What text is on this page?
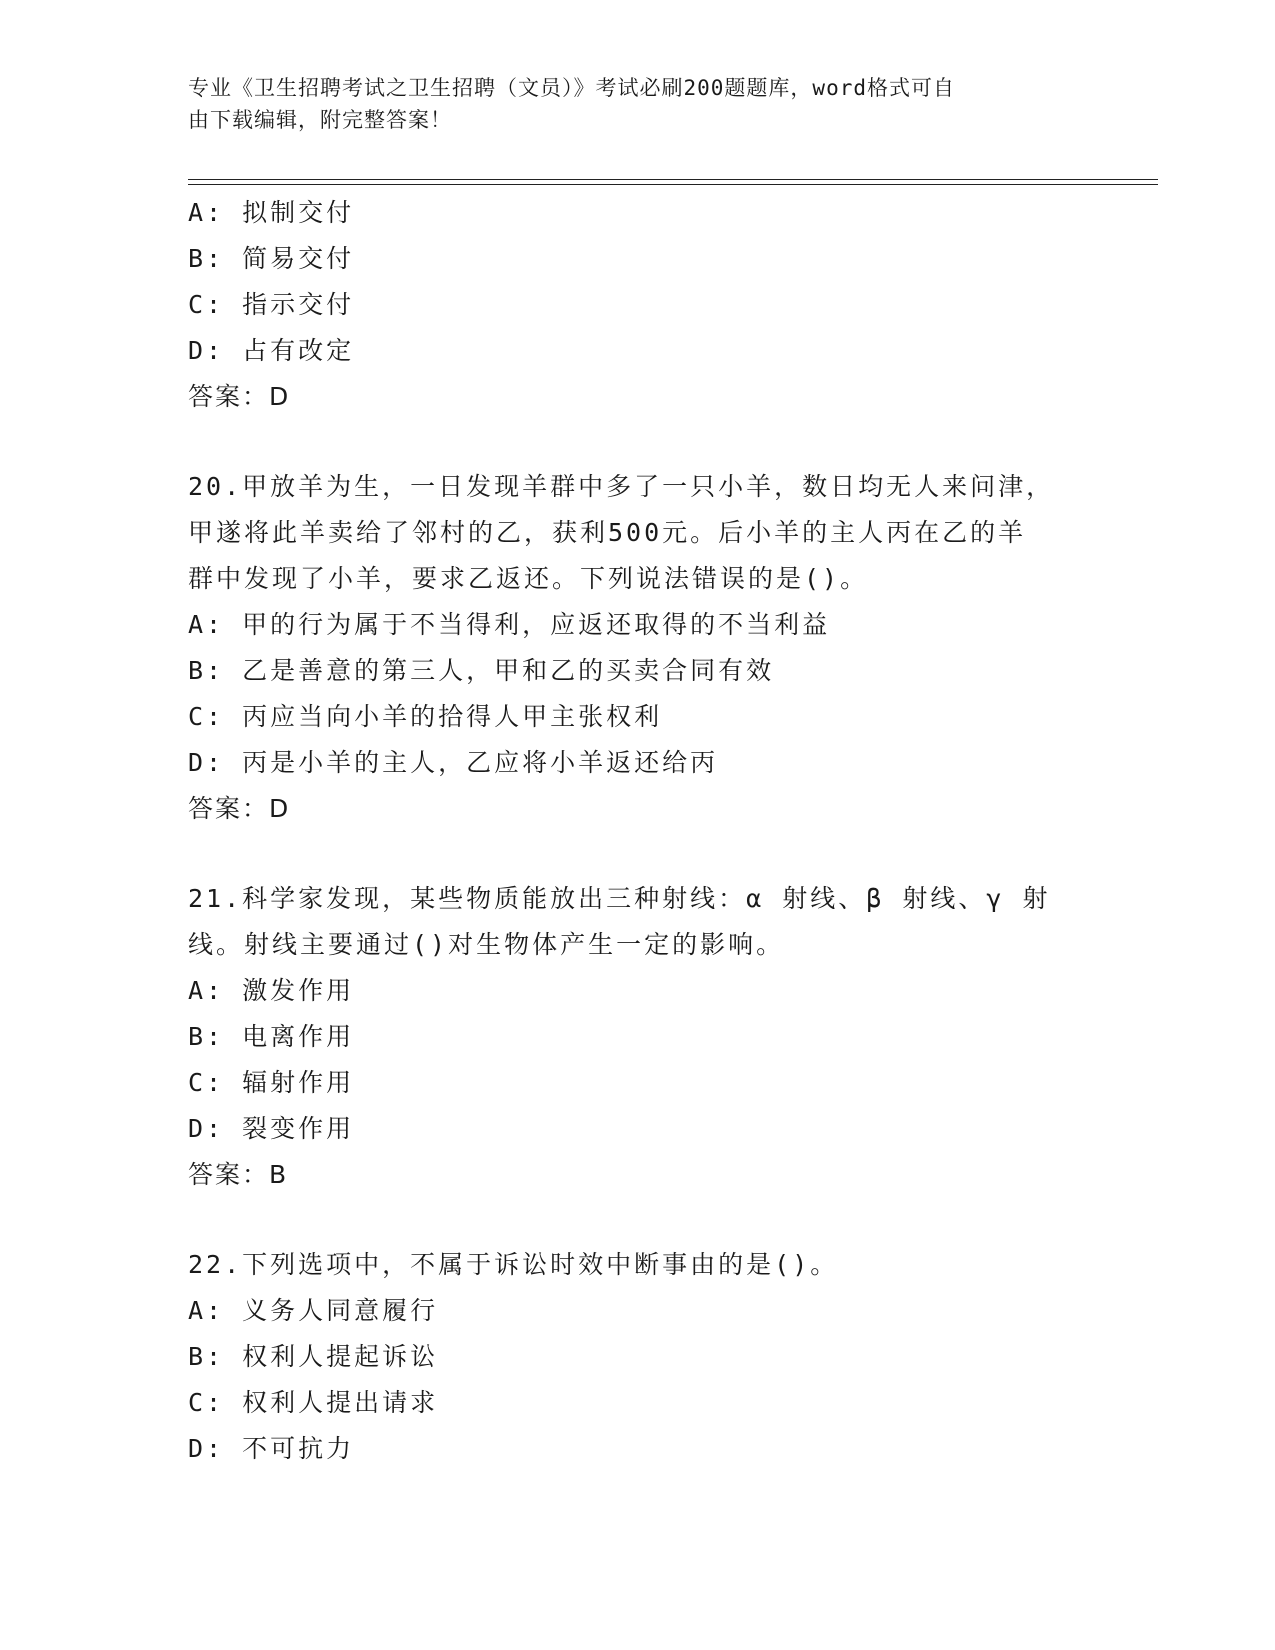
专业《卫生招聘考试之卫生招聘（文员）》考试必刷200题题库，word格式可自
由下载编辑，附完整答案！
A: 拟制交付
B: 简易交付
C: 指示交付
D: 占有改定
答案：D
20.甲放羊为生，一日发现羊群中多了一只小羊，数日均无人来问津，
甲遂将此羊卖给了邻村的乙，获利500元。后小羊的主人丙在乙的羊
群中发现了小羊，要求乙返还。下列说法错误的是()。
A: 甲的行为属于不当得利，应返还取得的不当利益
B: 乙是善意的第三人，甲和乙的买卖合同有效
C: 丙应当向小羊的拾得人甲主张权利
D: 丙是小羊的主人，乙应将小羊返还给丙
答案：D
21.科学家发现，某些物质能放出三种射线：α 射线、β 射线、γ 射
线。射线主要通过()对生物体产生一定的影响。
A: 激发作用
B: 电离作用
C: 辐射作用
D: 裂变作用
答案：B
22.下列选项中，不属于诉讼时效中断事由的是()。
A: 义务人同意履行
B: 权利人提起诉讼
C: 权利人提出请求
D: 不可抗力
